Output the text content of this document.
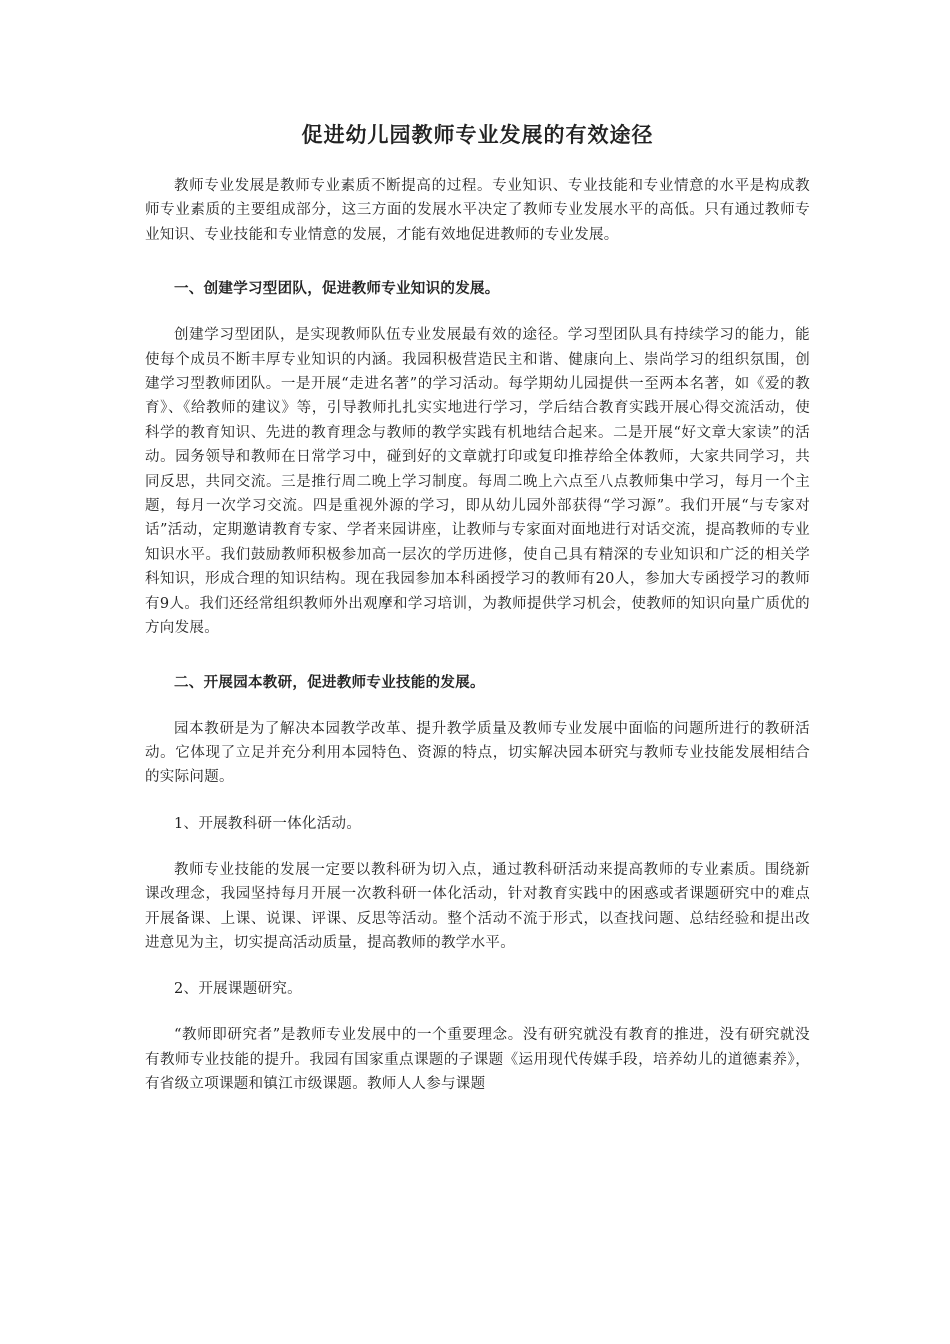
促进幼儿园教师专业发展的有效途径

教师专业发展是教师专业素质不断提高的过程。专业知识、专业技能和专业情意的水平是构成教师专业素质的主要组成部分，这三方面的发展水平决定了教师专业发展水平的高低。只有通过教师专业知识、专业技能和专业情意的发展，才能有效地促进教师的专业发展。

一、创建学习型团队，促进教师专业知识的发展。

创建学习型团队，是实现教师队伍专业发展最有效的途径。学习型团队具有持续学习的能力，能使每个成员不断丰厚专业知识的内涵。我园积极营造民主和谐、健康向上、崇尚学习的组织氛围，创建学习型教师团队。一是开展“走进名著”的学习活动。每学期幼儿园提供一至两本名著，如《爱的教育》、《给教师的建议》等，引导教师扎扎实实地进行学习，学后结合教育实践开展心得交流活动，使科学的教育知识、先进的教育理念与教师的教学实践有机地结合起来。二是开展“好文章大家读”的活动。园务领导和教师在日常学习中，碰到好的文章就打印或复印推荐给全体教师，大家共同学习，共同反思，共同交流。三是推行周二晚上学习制度。每周二晚上六点至八点教师集中学习，每月一个主题，每月一次学习交流。四是重视外源的学习，即从幼儿园外部获得“学习源”。我们开展“与专家对话”活动，定期邀请教育专家、学者来园讲座，让教师与专家面对面地进行对话交流，提高教师的专业知识水平。我们鼓励教师积极参加高一层次的学历进修，使自己具有精深的专业知识和广泛的相关学科知识，形成合理的知识结构。现在我园参加本科函授学习的教师有20人，参加大专函授学习的教师有9人。我们还经常组织教师外出观摩和学习培训，为教师提供学习机会，使教师的知识向量广质优的方向发展。

二、开展园本教研，促进教师专业技能的发展。

园本教研是为了解决本园教学改革、提升教学质量及教师专业发展中面临的问题所进行的教研活动。它体现了立足并充分利用本园特色、资源的特点，切实解决园本研究与教师专业技能发展相结合的实际问题。

1、开展教科研一体化活动。

教师专业技能的发展一定要以教科研为切入点，通过教科研活动来提高教师的专业素质。围绕新课改理念，我园坚持每月开展一次教科研一体化活动，针对教育实践中的困惑或者课题研究中的难点开展备课、上课、说课、评课、反思等活动。整个活动不流于形式，以查找问题、总结经验和提出改进意见为主，切实提高活动质量，提高教师的教学水平。

2、开展课题研究。

“教师即研究者”是教师专业发展中的一个重要理念。没有研究就没有教育的推进，没有研究就没有教师专业技能的提升。我园有国家重点课题的子课题《运用现代传媒手段，培养幼儿的道德素养》，有省级立项课题和镇江市级课题。教师人人参与课题
